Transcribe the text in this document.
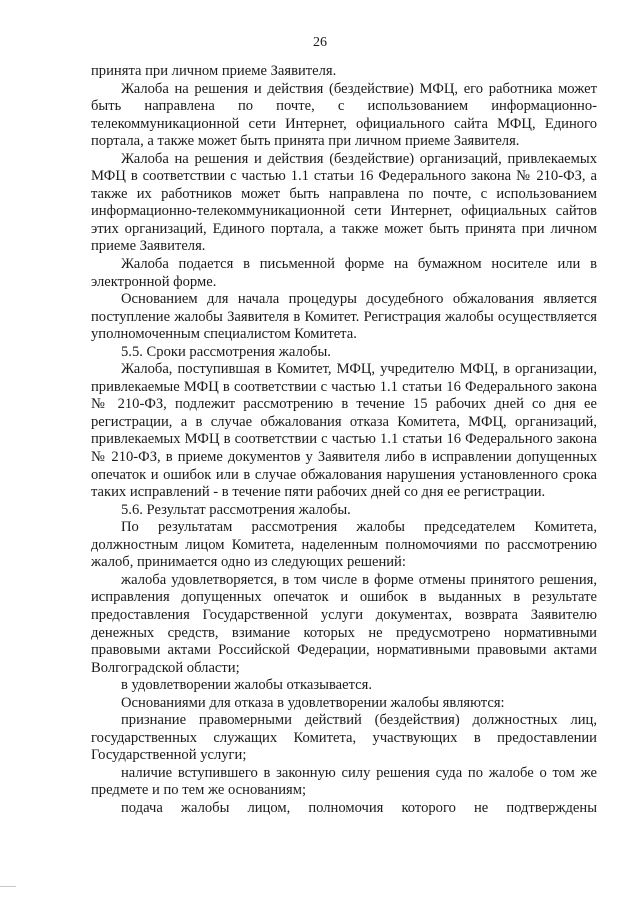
26

принята при личном приеме Заявителя.

Жалоба на решения и действия (бездействие) МФЦ, его работника может быть направлена по почте, с использованием информационно-телекоммуникационной сети Интернет, официального сайта МФЦ, Единого портала, а также может быть принята при личном приеме Заявителя.

Жалоба на решения и действия (бездействие) организаций, привлекаемых МФЦ в соответствии с частью 1.1 статьи 16 Федерального закона № 210-ФЗ, а также их работников может быть направлена по почте, с использованием информационно-телекоммуникационной сети Интернет, официальных сайтов этих организаций, Единого портала, а также может быть принята при личном приеме Заявителя.

Жалоба подается в письменной форме на бумажном носителе или в электронной форме.

Основанием для начала процедуры досудебного обжалования является поступление жалобы Заявителя в Комитет. Регистрация жалобы осуществляется уполномоченным специалистом Комитета.

5.5. Сроки рассмотрения жалобы.

Жалоба, поступившая в Комитет, МФЦ, учредителю МФЦ, в организации, привлекаемые МФЦ в соответствии с частью 1.1 статьи 16 Федерального закона № 210-ФЗ, подлежит рассмотрению в течение 15 рабочих дней со дня ее регистрации, а в случае обжалования отказа Комитета, МФЦ, организаций, привлекаемых МФЦ в соответствии с частью 1.1 статьи 16 Федерального закона № 210-ФЗ, в приеме документов у Заявителя либо в исправлении допущенных опечаток и ошибок или в случае обжалования нарушения установленного срока таких исправлений - в течение пяти рабочих дней со дня ее регистрации.

5.6. Результат рассмотрения жалобы.

По результатам рассмотрения жалобы председателем Комитета, должностным лицом Комитета, наделенным полномочиями по рассмотрению жалоб, принимается одно из следующих решений:

жалоба удовлетворяется, в том числе в форме отмены принятого решения, исправления допущенных опечаток и ошибок в выданных в результате предоставления Государственной услуги документах, возврата Заявителю денежных средств, взимание которых не предусмотрено нормативными правовыми актами Российской Федерации, нормативными правовыми актами Волгоградской области;

в удовлетворении жалобы отказывается.

Основаниями для отказа в удовлетворении жалобы являются:

признание правомерными действий (бездействия) должностных лиц, государственных служащих Комитета, участвующих в предоставлении Государственной услуги;

наличие вступившего в законную силу решения суда по жалобе о том же предмете и по тем же основаниям;

подача жалобы лицом, полномочия которого не подтверждены
